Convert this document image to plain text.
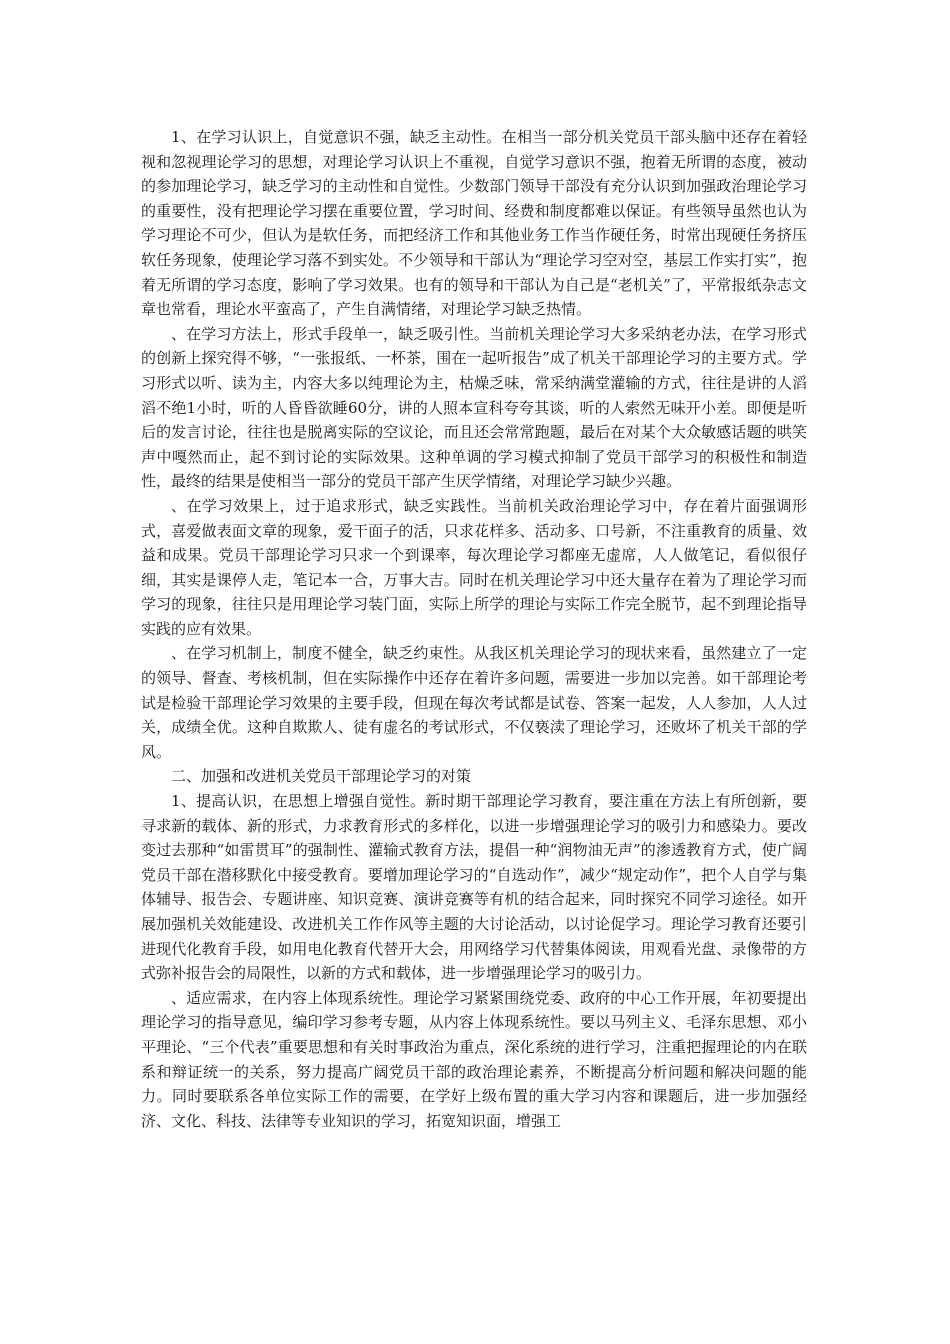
1、在学习认识上，自觉意识不强，缺乏主动性。在相当一部分机关党员干部头脑中还存在着轻视和忽视理论学习的思想，对理论学习认识上不重视，自觉学习意识不强，抱着无所谓的态度，被动的参加理论学习，缺乏学习的主动性和自觉性。少数部门领导干部没有充分认识到加强政治理论学习的重要性，没有把理论学习摆在重要位置，学习时间、经费和制度都难以保证。有些领导虽然也认为学习理论不可少，但认为是软任务，而把经济工作和其他业务工作当作硬任务，时常出现硬任务挤压软任务现象，使理论学习落不到实处。不少领导和干部认为“理论学习空对空，基层工作实打实”，抱着无所谓的学习态度，影响了学习效果。也有的领导和干部认为自己是“老机关”了，平常报纸杂志文章也常看，理论水平蛮高了，产生自满情绪，对理论学习缺乏热情。

、在学习方法上，形式手段单一，缺乏吸引性。当前机关理论学习大多采纳老办法，在学习形式的创新上探究得不够，“一张报纸、一杯茶，围在一起听报告”成了机关干部理论学习的主要方式。学习形式以听、读为主，内容大多以纯理论为主，枯燥乏味，常采纳满堂灌输的方式，往往是讲的人滔滔不绝1小时，听的人昏昏欲睡60分，讲的人照本宣科夸夸其谈，听的人索然无味开小差。即便是听后的发言讨论，往往也是脱离实际的空议论，而且还会常常跑题，最后在对某个大众敏感话题的哄笑声中嘎然而止，起不到讨论的实际效果。这种单调的学习模式抑制了党员干部学习的积极性和制造性，最终的结果是使相当一部分的党员干部产生厌学情绪，对理论学习缺少兴趣。

、在学习效果上，过于追求形式，缺乏实践性。当前机关政治理论学习中，存在着片面强调形式，喜爱做表面文章的现象，爱干面子的活，只求花样多、活动多、口号新，不注重教育的质量、效益和成果。党员干部理论学习只求一个到课率，每次理论学习都座无虚席，人人做笔记，看似很仔细，其实是课停人走，笔记本一合，万事大吉。同时在机关理论学习中还大量存在着为了理论学习而学习的现象，往往只是用理论学习装门面，实际上所学的理论与实际工作完全脱节，起不到理论指导实践的应有效果。

、在学习机制上，制度不健全，缺乏约束性。从我区机关理论学习的现状来看，虽然建立了一定的领导、督查、考核机制，但在实际操作中还存在着许多问题，需要进一步加以完善。如干部理论考试是检验干部理论学习效果的主要手段，但现在每次考试都是试卷、答案一起发，人人参加，人人过关，成绩全优。这种自欺欺人、徒有虚名的考试形式，不仅亵渎了理论学习，还败坏了机关干部的学风。

二、加强和改进机关党员干部理论学习的对策

1、提高认识，在思想上增强自觉性。新时期干部理论学习教育，要注重在方法上有所创新，要寻求新的载体、新的形式，力求教育形式的多样化，以进一步增强理论学习的吸引力和感染力。要改变过去那种“如雷贯耳”的强制性、灌输式教育方法，提倡一种“润物油无声”的渗透教育方式，使广阔党员干部在潜移默化中接受教育。要增加理论学习的“自选动作”，减少“规定动作”，把个人自学与集体辅导、报告会、专题讲座、知识竞赛、演讲竞赛等有机的结合起来，同时探究不同学习途径。如开展加强机关效能建设、改进机关工作作风等主题的大讨论活动，以讨论促学习。理论学习教育还要引进现代化教育手段，如用电化教育代替开大会，用网络学习代替集体阅读，用观看光盘、录像带的方式弥补报告会的局限性，以新的方式和载体，进一步增强理论学习的吸引力。

、适应需求，在内容上体现系统性。理论学习紧紧围绕党委、政府的中心工作开展，年初要提出理论学习的指导意见，编印学习参考专题，从内容上体现系统性。要以马列主义、毛泽东思想、邓小平理论、“三个代表”重要思想和有关时事政治为重点，深化系统的进行学习，注重把握理论的内在联系和辩证统一的关系，努力提高广阔党员干部的政治理论素养，不断提高分析问题和解决问题的能力。同时要联系各单位实际工作的需要，在学好上级布置的重大学习内容和课题后，进一步加强经济、文化、科技、法律等专业知识的学习，拓宽知识面，增强工
